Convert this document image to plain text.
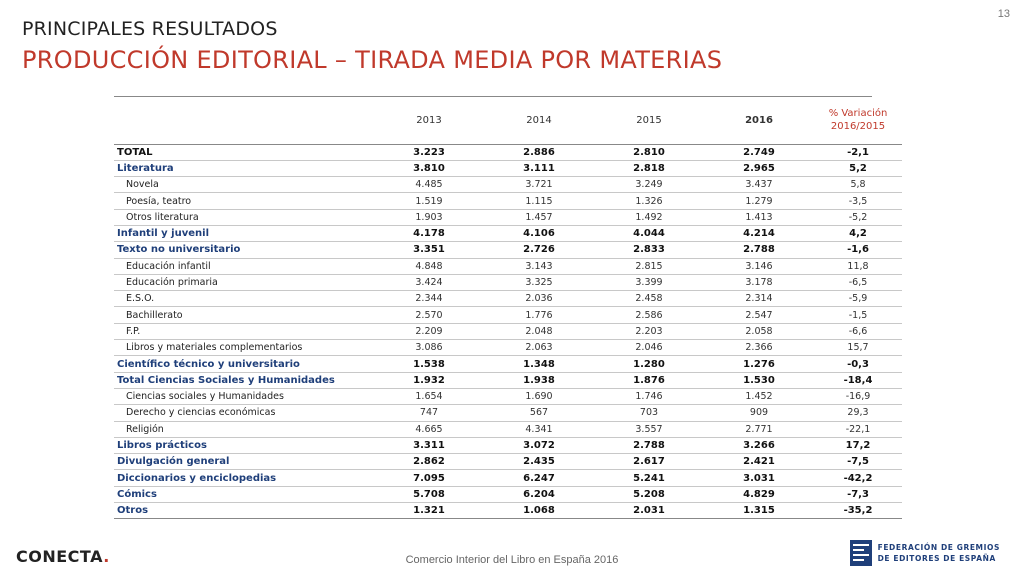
13
PRINCIPALES RESULTADOS
PRODUCCIÓN EDITORIAL – TIRADA MEDIA POR MATERIAS
	2013	2014	2015	2016	% Variación
2016/2015
TOTAL	3.223	2.886	2.810	2.749	-2,1
Literatura	3.810	3.111	2.818	2.965	5,2
Novela	4.485	3.721	3.249	3.437	5,8
Poesía, teatro	1.519	1.115	1.326	1.279	-3,5
Otros literatura	1.903	1.457	1.492	1.413	-5,2
Infantil y juvenil	4.178	4.106	4.044	4.214	4,2
Texto no universitario	3.351	2.726	2.833	2.788	-1,6
Educación infantil	4.848	3.143	2.815	3.146	11,8
Educación primaria	3.424	3.325	3.399	3.178	-6,5
E.S.O.	2.344	2.036	2.458	2.314	-5,9
Bachillerato	2.570	1.776	2.586	2.547	-1,5
F.P.	2.209	2.048	2.203	2.058	-6,6
Libros y materiales complementarios	3.086	2.063	2.046	2.366	15,7
Científico técnico y universitario	1.538	1.348	1.280	1.276	-0,3
Total Ciencias Sociales y Humanidades	1.932	1.938	1.876	1.530	-18,4
Ciencias sociales y Humanidades	1.654	1.690	1.746	1.452	-16,9
Derecho y ciencias económicas	747	567	703	909	29,3
Religión	4.665	4.341	3.557	2.771	-22,1
Libros prácticos	3.311	3.072	2.788	3.266	17,2
Divulgación general	2.862	2.435	2.617	2.421	-7,5
Diccionarios y enciclopedias	7.095	6.247	5.241	3.031	-42,2
Cómics	5.708	6.204	5.208	4.829	-7,3
Otros	1.321	1.068	2.031	1.315	-35,2
Comercio Interior del Libro en España 2016
CONECTA.	FEDERACIÓN DE GREMIOS
DE EDITORES DE ESPAÑA
